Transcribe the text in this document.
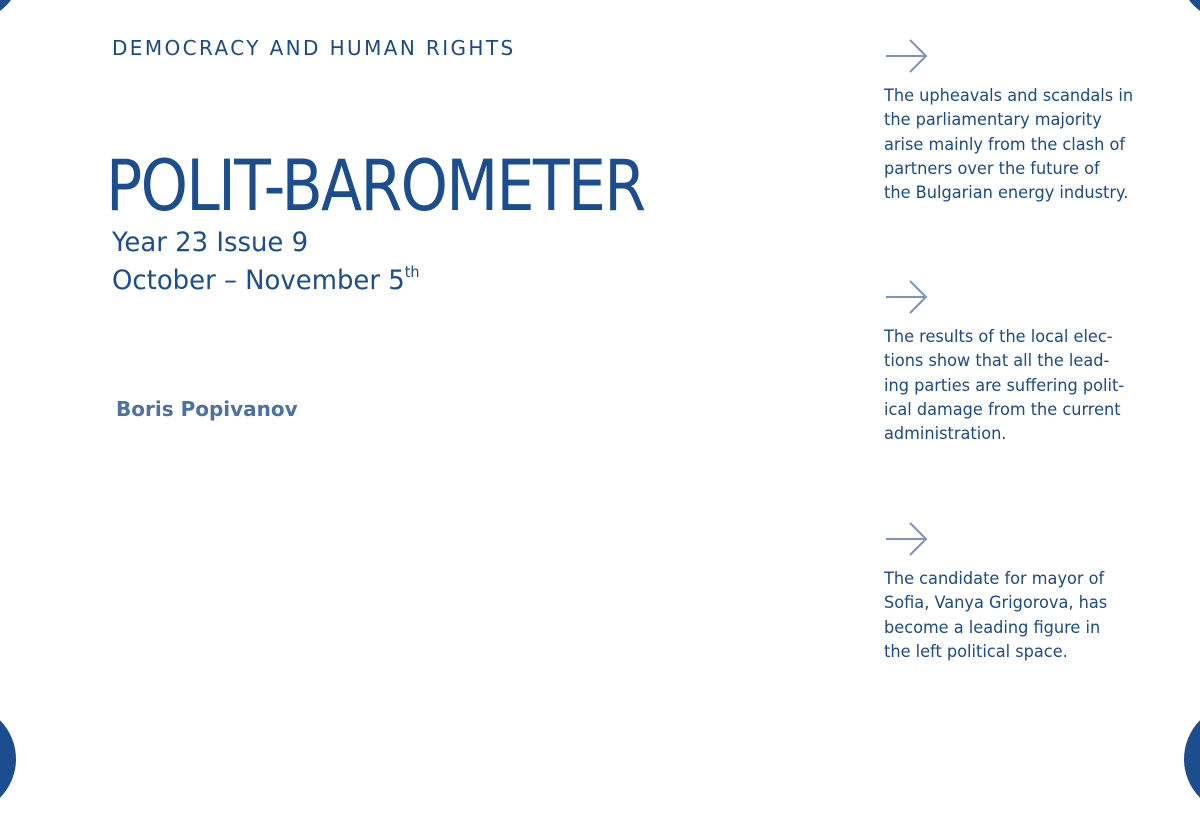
DEMOCRACY AND HUMAN RIGHTS
POLIT-BAROMETER
Year 23 Issue 9
October – November 5th
Boris Popivanov
The upheavals and scandals in
the parliamentary majority
arise mainly from the clash of
partners over the future of
the Bulgarian energy industry.
The results of the local elec-
tions show that all the lead-
ing parties are suffering polit-
ical damage from the current
administration.
The candidate for mayor of
Sofia, Vanya Grigorova, has
become a leading figure in
the left political space.
